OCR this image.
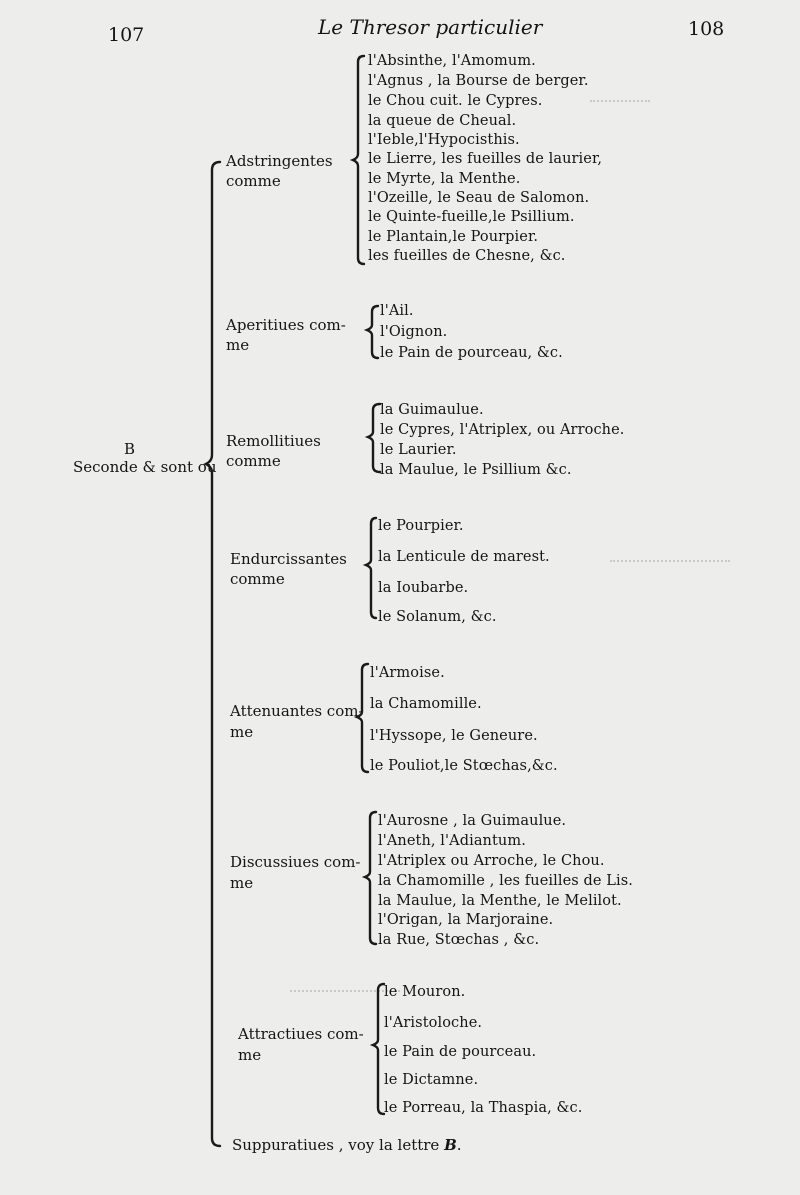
107	Le Thresor particulier	108
B
Seconde & sont ou
Adstringentes
comme
l'Absinthe, l'Amomum.
l'Agnus , la Bourse de berger.
le Chou cuit. le Cypres.
la queue de Cheual.
l'Ieble,l'Hypocisthis.
le Lierre, les fueilles de laurier,
le Myrte, la Menthe.
l'Ozeille, le Seau de Salomon.
le Quinte-fueille,le Psillium.
le Plantain,le Pourpier.
les fueilles de Chesne, &c.
Aperitiues com-
me
l'Ail.
l'Oignon.
le Pain de pourceau, &c.
Remollitiues
comme
la Guimaulue.
le Cypres, l'Atriplex, ou Arroche.
le Laurier.
la Maulue, le Psillium &c.
Endurcissantes
comme
le Pourpier.
la Lenticule de marest.
la Ioubarbe.
le Solanum, &c.
Attenuantes com-
me
l'Armoise.
la Chamomille.
l'Hyssope, le Geneure.
le Pouliot,le Stœchas,&c.
Discussiues com-
me
l'Aurosne , la Guimaulue.
l'Aneth, l'Adiantum.
l'Atriplex ou Arroche, le Chou.
la Chamomille , les fueilles de Lis.
la Maulue, la Menthe, le Melilot.
l'Origan, la Marjoraine.
la Rue, Stœchas , &c.
Attractiues com-
me
le Mouron.
l'Aristoloche.
le Pain de pourceau.
le Dictamne.
le Porreau, la Thaspia, &c.
Suppuratiues , voy la lettre B.
